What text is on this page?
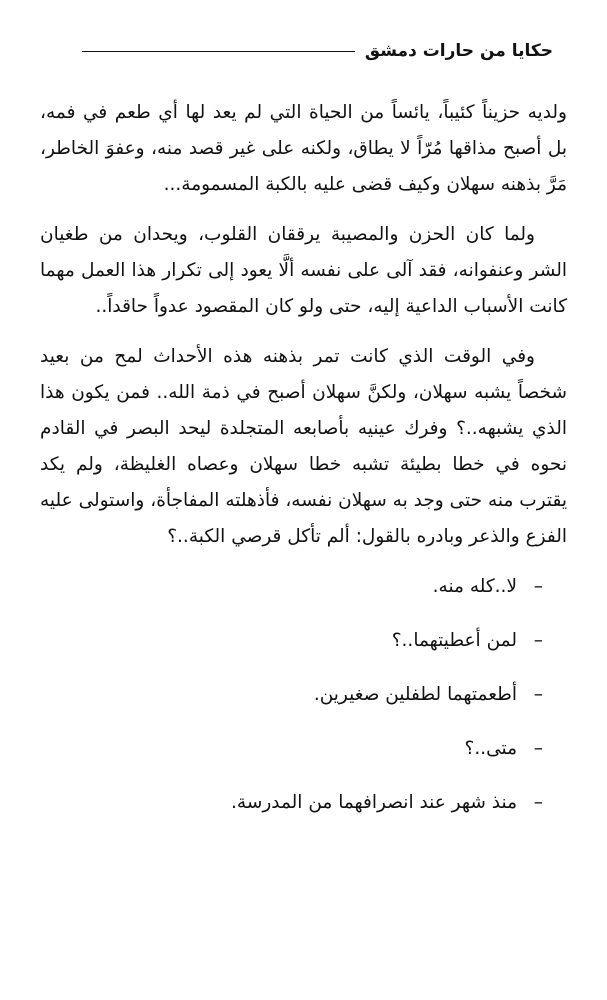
حكايا من حارات دمشق

ولديه حزيناً كئيباً، يائساً من الحياة التي لم يعد لها أي طعم في فمه، بل أصبح مذاقها مُرّاً لا يطاق، ولكنه على غير قصد منه، وعفوَ الخاطر، مَرَّ بذهنه سهلان وكيف قضى عليه بالكبة المسمومة...

ولما كان الحزن والمصيبة يرققان القلوب، ويحدان من طغيان الشر وعنفوانه، فقد آلى على نفسه ألَّا يعود إلى تكرار هذا العمل مهما كانت الأسباب الداعية إليه، حتى ولو كان المقصود عدواً حاقداً..

وفي الوقت الذي كانت تمر بذهنه هذه الأحداث لمح من بعيد شخصاً يشبه سهلان، ولكنَّ سهلان أصبح في ذمة الله.. فمن يكون هذا الذي يشبهه..؟ وفرك عينيه بأصابعه المتجلدة ليحد البصر في القادم نحوه في خطا بطيئة تشبه خطا سهلان وعصاه الغليظة، ولم يكد يقترب منه حتى وجد به سهلان نفسه، فأذهلته المفاجأة، واستولى عليه الفزع والذعر وبادره بالقول: ألم تأكل قرصي الكبة..؟

–لا..كله منه.
–لمن أعطيتهما..؟
–أطعمتهما لطفلين صغيرين.
–متى..؟
–منذ شهر عند انصرافهما من المدرسة.
